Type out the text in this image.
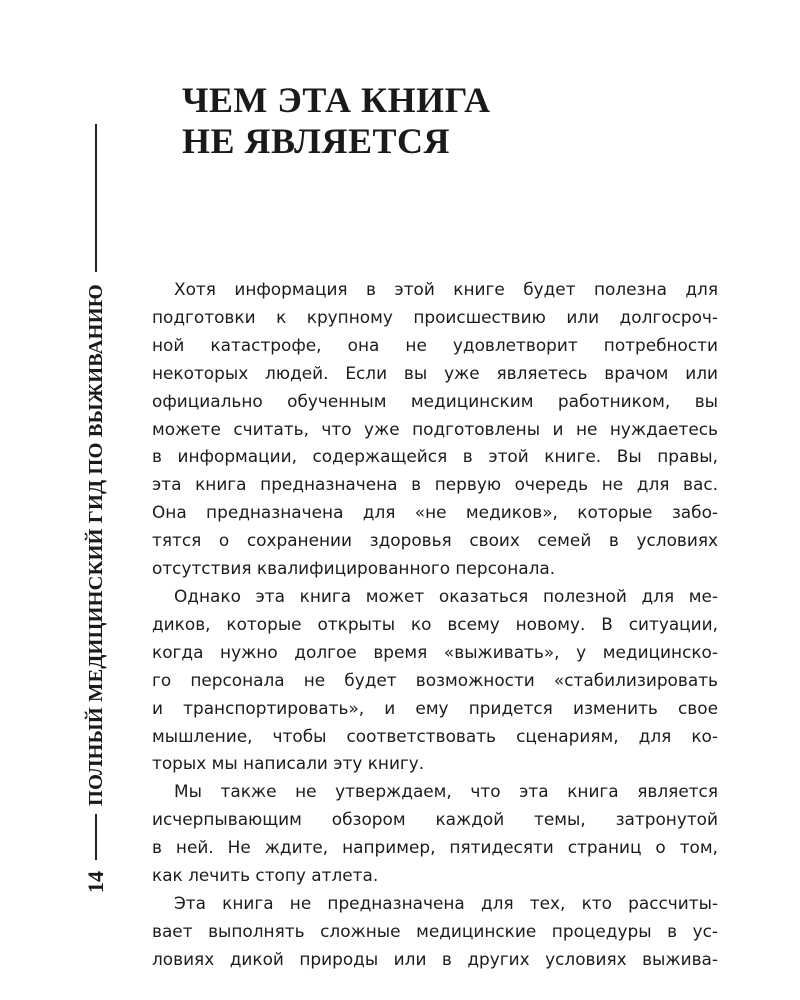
14
ПОЛНЫЙ МЕДИЦИНСКИЙ ГИД ПО ВЫЖИВАНИЮ
ЧЕМ ЭТА КНИГА
НЕ ЯВЛЯЕТСЯ

Хотя информация в этой книге будет полезна для
подготовки к крупному происшествию или долгосроч-
ной катастрофе, она не удовлетворит потребности
некоторых людей. Если вы уже являетесь врачом или
официально обученным медицинским работником, вы
можете считать, что уже подготовлены и не нуждаетесь
в информации, содержащейся в этой книге. Вы правы,
эта книга предназначена в первую очередь не для вас.
Она предназначена для «не медиков», которые забо-
тятся о сохранении здоровья своих семей в условиях
отсутствия квалифицированного персонала.

Однако эта книга может оказаться полезной для ме-
диков, которые открыты ко всему новому. В ситуации,
когда нужно долгое время «выживать», у медицинско-
го персонала не будет возможности «стабилизировать
и транспортировать», и ему придется изменить свое
мышление, чтобы соответствовать сценариям, для ко-
торых мы написали эту книгу.

Мы также не утверждаем, что эта книга является
исчерпывающим обзором каждой темы, затронутой
в ней. Не ждите, например, пятидесяти страниц о том,
как лечить стопу атлета.

Эта книга не предназначена для тех, кто рассчиты-
вает выполнять сложные медицинские процедуры в ус-
ловиях дикой природы или в других условиях выжива-
